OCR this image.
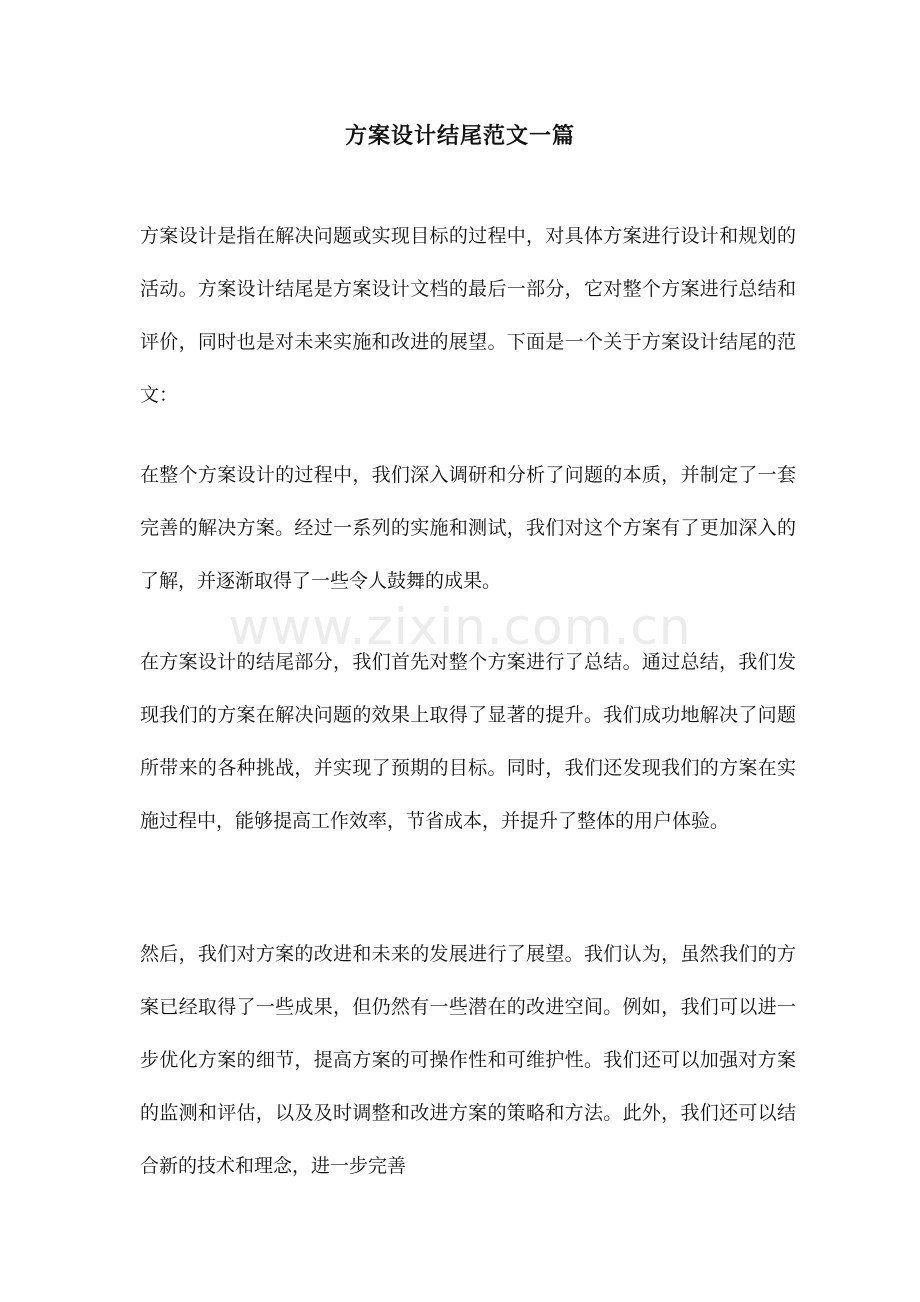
方案设计结尾范文一篇

方案设计是指在解决问题或实现目标的过程中，对具体方案进行设计和规划的活动。方案设计结尾是方案设计文档的最后一部分，它对整个方案进行总结和评价，同时也是对未来实施和改进的展望。下面是一个关于方案设计结尾的范文：

在整个方案设计的过程中，我们深入调研和分析了问题的本质，并制定了一套完善的解决方案。经过一系列的实施和测试，我们对这个方案有了更加深入的了解，并逐渐取得了一些令人鼓舞的成果。

www.zixin.com.cn

在方案设计的结尾部分，我们首先对整个方案进行了总结。通过总结，我们发现我们的方案在解决问题的效果上取得了显著的提升。我们成功地解决了问题所带来的各种挑战，并实现了预期的目标。同时，我们还发现我们的方案在实施过程中，能够提高工作效率，节省成本，并提升了整体的用户体验。

然后，我们对方案的改进和未来的发展进行了展望。我们认为，虽然我们的方案已经取得了一些成果，但仍然有一些潜在的改进空间。例如，我们可以进一步优化方案的细节，提高方案的可操作性和可维护性。我们还可以加强对方案的监测和评估，以及及时调整和改进方案的策略和方法。此外，我们还可以结合新的技术和理念，进一步完善
